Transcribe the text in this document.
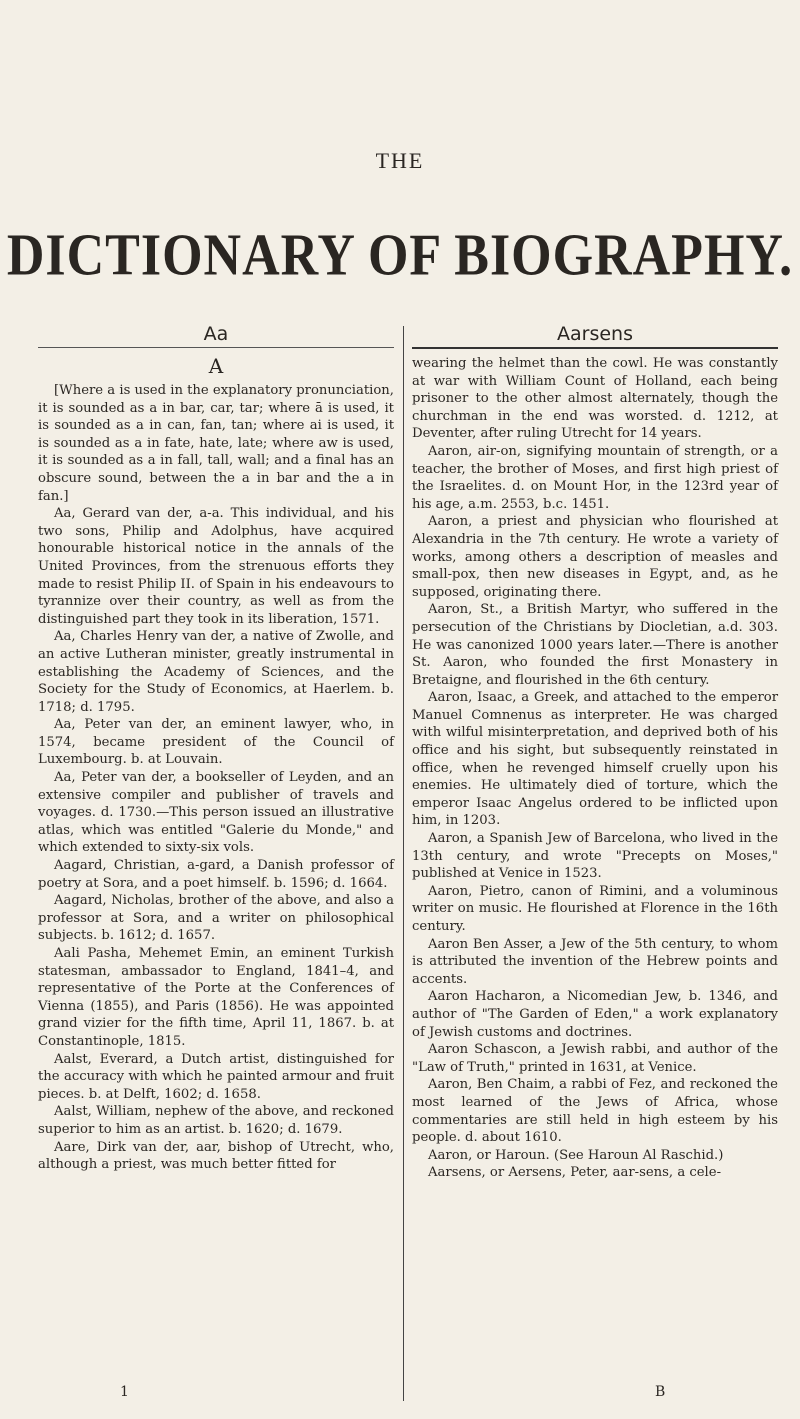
THE
DICTIONARY OF BIOGRAPHY.
Aa
A

[Where a is used in the explanatory pronunciation, it is sounded as a in bar, car, tar; where ā is used, it is sounded as a in can, fan, tan; where ai is used, it is sounded as a in fate, hate, late; where aw is used, it is sounded as a in fall, tall, wall; and a final has an obscure sound, between the a in bar and the a in fan.]

Aa, Gerard van der, a-a. This individual, and his two sons, Philip and Adolphus, have acquired honourable historical notice in the annals of the United Provinces, from the strenuous efforts they made to resist Philip II. of Spain in his endeavours to tyrannize over their country, as well as from the distinguished part they took in its liberation, 1571.

Aa, Charles Henry van der, a native of Zwolle, and an active Lutheran minister, greatly instrumental in establishing the Academy of Sciences, and the Society for the Study of Economics, at Haerlem. b. 1718; d. 1795.

Aa, Peter van der, an eminent lawyer, who, in 1574, became president of the Council of Luxembourg. b. at Louvain.

Aa, Peter van der, a bookseller of Leyden, and an extensive compiler and publisher of travels and voyages. d. 1730.—This person issued an illustrative atlas, which was entitled "Galerie du Monde," and which extended to sixty-six vols.

Aagard, Christian, a-gard, a Danish professor of poetry at Sora, and a poet himself. b. 1596; d. 1664.

Aagard, Nicholas, brother of the above, and also a professor at Sora, and a writer on philosophical subjects. b. 1612; d. 1657.

Aali Pasha, Mehemet Emin, an eminent Turkish statesman, ambassador to England, 1841–4, and representative of the Porte at the Conferences of Vienna (1855), and Paris (1856). He was appointed grand vizier for the fifth time, April 11, 1867. b. at Constantinople, 1815.

Aalst, Everard, a Dutch artist, distinguished for the accuracy with which he painted armour and fruit pieces. b. at Delft, 1602; d. 1658.

Aalst, William, nephew of the above, and reckoned superior to him as an artist. b. 1620; d. 1679.

Aare, Dirk van der, aar, bishop of Utrecht, who, although a priest, was much better fitted for

Aarsens

wearing the helmet than the cowl. He was constantly at war with William Count of Holland, each being prisoner to the other almost alternately, though the churchman in the end was worsted. d. 1212, at Deventer, after ruling Utrecht for 14 years.

Aaron, air-on, signifying mountain of strength, or a teacher, the brother of Moses, and first high priest of the Israelites. d. on Mount Hor, in the 123rd year of his age, a.m. 2553, b.c. 1451.

Aaron, a priest and physician who flourished at Alexandria in the 7th century. He wrote a variety of works, among others a description of measles and small-pox, then new diseases in Egypt, and, as he supposed, originating there.

Aaron, St., a British Martyr, who suffered in the persecution of the Christians by Diocletian, a.d. 303. He was canonized 1000 years later.—There is another St. Aaron, who founded the first Monastery in Bretaigne, and flourished in the 6th century.

Aaron, Isaac, a Greek, and attached to the emperor Manuel Comnenus as interpreter. He was charged with wilful misinterpretation, and deprived both of his office and his sight, but subsequently reinstated in office, when he revenged himself cruelly upon his enemies. He ultimately died of torture, which the emperor Isaac Angelus ordered to be inflicted upon him, in 1203.

Aaron, a Spanish Jew of Barcelona, who lived in the 13th century, and wrote "Precepts on Moses," published at Venice in 1523.

Aaron, Pietro, canon of Rimini, and a voluminous writer on music. He flourished at Florence in the 16th century.

Aaron Ben Asser, a Jew of the 5th century, to whom is attributed the invention of the Hebrew points and accents.

Aaron Hacharon, a Nicomedian Jew, b. 1346, and author of "The Garden of Eden," a work explanatory of Jewish customs and doctrines.

Aaron Schascon, a Jewish rabbi, and author of the "Law of Truth," printed in 1631, at Venice.

Aaron, Ben Chaim, a rabbi of Fez, and reckoned the most learned of the Jews of Africa, whose commentaries are still held in high esteem by his people. d. about 1610.

Aaron, or Haroun. (See Haroun Al Raschid.)

Aarsens, or Aersens, Peter, aar-sens, a cele-

1	B
